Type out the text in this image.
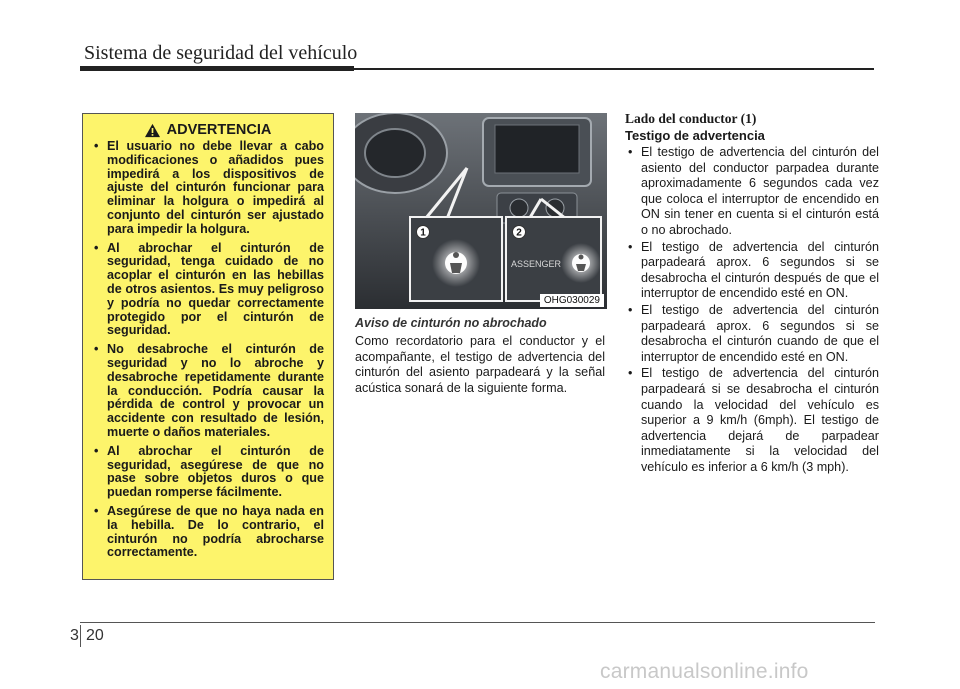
Sistema de seguridad del vehículo
ADVERTENCIA
• El usuario no debe llevar a cabo modificaciones o añadidos pues impedirá a los dispositivos de ajuste del cinturón funcionar para eliminar la holgura o impedirá al conjunto del cinturón ser ajustado para impedir la holgura.
• Al abrochar el cinturón de seguridad, tenga cuidado de no acoplar el cinturón en las hebillas de otros asientos. Es muy peligroso y podría no quedar correctamente protegido por el cinturón de seguridad.
• No desabroche el cinturón de seguridad y no lo abroche y desabroche repetidamente durante la conducción. Podría causar la pérdida de control y provocar un accidente con resultado de lesión, muerte o daños materiales.
• Al abrochar el cinturón de seguridad, asegúrese de que no pase sobre objetos duros o que puedan romperse fácilmente.
• Asegúrese de que no haya nada en la hebilla. De lo contrario, el cinturón no podría abrocharse correctamente.
ASSENGER
1	2
OHG030029
Aviso de cinturón no abrochado

Como recordatorio para el conductor y el acompañante, el testigo de advertencia del cinturón del asiento parpadeará y la señal acústica sonará de la siguiente forma.

Lado del conductor (1)
Testigo de advertencia
• El testigo de advertencia del cinturón del asiento del conductor parpadea durante aproximadamente 6 segundos cada vez que coloca el interruptor de encendido en ON sin tener en cuenta si el cinturón está o no abrochado.
• El testigo de advertencia del cinturón parpadeará aprox. 6 segundos si se desabrocha el cinturón después de que el interruptor de encendido esté en ON.
• El testigo de advertencia del cinturón parpadeará aprox. 6 segundos si se desabrocha el cinturón cuando de que el interruptor de encendido esté en ON.
• El testigo de advertencia del cinturón parpadeará si se desabrocha el cinturón cuando la velocidad del vehículo es superior a 9 km/h (6mph). El testigo de advertencia dejará de parpadear inmediatamente si la velocidad del vehículo es inferior a 6 km/h (3 mph).
3 20
carmanualsonline.info
